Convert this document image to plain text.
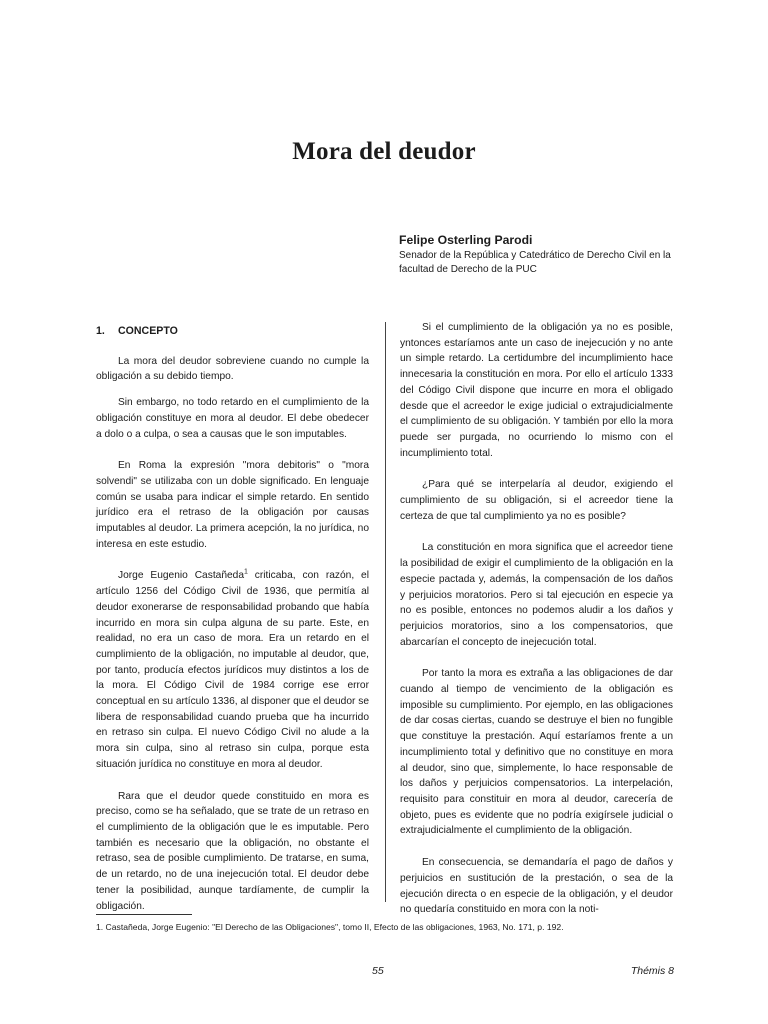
Mora del deudor
Felipe Osterling Parodi
Senador de la República y Catedrático de Derecho Civil en la facultad de Derecho de la PUC
1. CONCEPTO

La mora del deudor sobreviene cuando no cumple la obligación a su debido tiempo.

Sin embargo, no todo retardo en el cumplimiento de la obligación constituye en mora al deudor. El debe obedecer a dolo o a culpa, o sea a causas que le son imputables.

En Roma la expresión "mora debitoris" o "mora solvendi" se utilizaba con un doble significado. En lenguaje común se usaba para indicar el simple retardo. En sentido jurídico era el retraso de la obligación por causas imputables al deudor. La primera acepción, la no jurídica, no interesa en este estudio.

Jorge Eugenio Castañeda$^1$ criticaba, con razón, el artículo 1256 del Código Civil de 1936, que permitía al deudor exonerarse de responsabilidad probando que había incurrido en mora sin culpa alguna de su parte. Este, en realidad, no era un caso de mora. Era un retardo en el cumplimiento de la obligación, no imputable al deudor, que, por tanto, producía efectos jurídicos muy distintos a los de la mora. El Código Civil de 1984 corrige ese error conceptual en su artículo 1336, al disponer que el deudor se libera de responsabilidad cuando prueba que ha incurrido en retraso sin culpa. El nuevo Código Civil no alude a la mora sin culpa, sino al retraso sin culpa, porque esta situación jurídica no constituye en mora al deudor.

Rara que el deudor quede constituido en mora es preciso, como se ha señalado, que se trate de un retraso en el cumplimiento de la obligación que le es imputable. Pero también es necesario que la obligación, no obstante el retraso, sea de posible cumplimiento. De tratarse, en suma, de un retardo, no de una inejecución total. El deudor debe tener la posibilidad, aunque tardíamente, de cumplir la obligación.

Si el cumplimiento de la obligación ya no es posible, yntonces estaríamos ante un caso de inejecución y no ante un simple retardo. La certidumbre del incumplimiento hace innecesaria la constitución en mora. Por ello el artículo 1333 del Código Civil dispone que incurre en mora el obligado desde que el acreedor le exige judicial o extrajudicialmente el cumplimiento de su obligación. Y también por ello la mora puede ser purgada, no ocurriendo lo mismo con el incumplimiento total.

¿Para qué se interpelaría al deudor, exigiendo el cumplimiento de su obligación, si el acreedor tiene la certeza de que tal cumplimiento ya no es posible?

La constitución en mora significa que el acreedor tiene la posibilidad de exigir el cumplimiento de la obligación en la especie pactada y, además, la compensación de los daños y perjuicios moratorios. Pero si tal ejecución en especie ya no es posible, entonces no podemos aludir a los daños y perjuicios moratorios, sino a los compensatorios, que abarcarían el concepto de inejecución total.

Por tanto la mora es extraña a las obligaciones de dar cuando al tiempo de vencimiento de la obligación es imposible su cumplimiento. Por ejemplo, en las obligaciones de dar cosas ciertas, cuando se destruye el bien no fungible que constituye la prestación. Aquí estaríamos frente a un incumplimiento total y definitivo que no constituye en mora al deudor, sino que, simplemente, lo hace responsable de los daños y perjuicios compensatorios. La interpelación, requisito para constituir en mora al deudor, carecería de objeto, pues es evidente que no podría exigírsele judicial o extrajudicialmente el cumplimiento de la obligación.

En consecuencia, se demandaría el pago de daños y perjuicios en sustitución de la prestación, o sea de la ejecución directa o en especie de la obligación, y el deudor no quedaría constituido en mora con la noti-

1. Castañeda, Jorge Eugenio: "El Derecho de las Obligaciones", tomo II, Efecto de las obligaciones, 1963, No. 171, p. 192.
55	Thémis 8
